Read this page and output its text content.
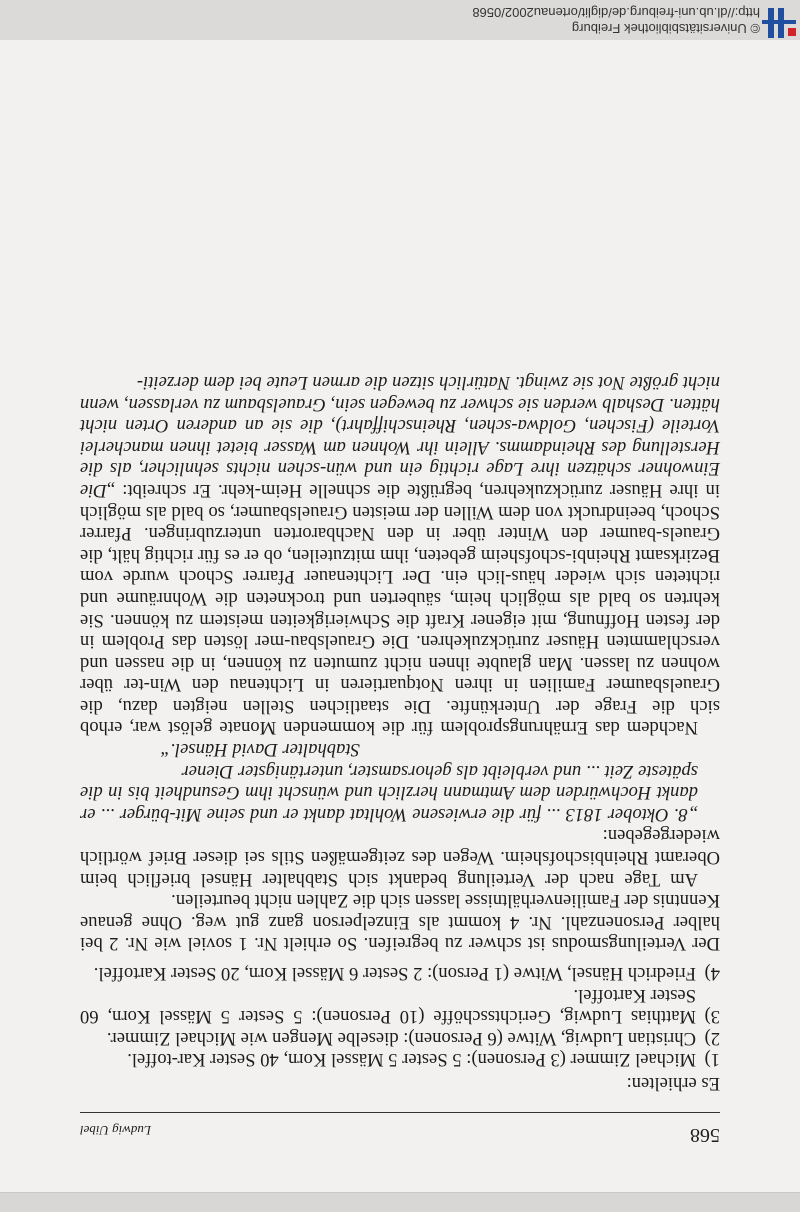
568
Ludwig Uibel

Es erhielten:

1)
Michael Zimmer (3 Personen): 5 Sester 5 Mässel Korn, 40 Sester Kar-toffel.
2)
Christian Ludwig, Witwe (6 Personen): dieselbe Mengen wie Michael Zimmer.
3)
Matthias Ludwig, Gerichtsschöffe (10 Personen): 5 Sester 5 Mässel Korn, 60 Sester Kartoffel.
4)
Friedrich Hänsel, Witwe (1 Person): 2 Sester 6 Mässel Korn, 20 Sester Kartoffel.

Der Verteilungsmodus ist schwer zu begreifen. So erhielt Nr. 1 soviel wie Nr. 2 bei halber Personenzahl. Nr. 4 kommt als Einzelperson ganz gut weg. Ohne genaue Kenntnis der Familienverhältnisse lassen sich die Zahlen nicht beurteilen.

Am Tage nach der Verteilung bedankt sich Stabhalter Hänsel brieflich beim Oberamt Rheinbischofsheim. Wegen des zeitgemäßen Stils sei dieser Brief wörtlich wiedergegeben:

„8. Oktober 1813 ... für die erwiesene Wohltat dankt er und seine Mit-bürger ... er dankt Hochwürden dem Amtmann herzlich und wünscht ihm Gesundheit bis in die späteste Zeit ... und verbleibt als gehorsamster, untertänigster Diener

Stabhalter David Hänsel.“

Nachdem das Ernährungsproblem für die kommenden Monate gelöst war, erhob sich die Frage der Unterkünfte. Die staatlichen Stellen neigten dazu, die Grauelsbaumer Familien in ihren Notquartieren in Lichtenau den Win-ter über wohnen zu lassen. Man glaubte ihnen nicht zumuten zu können, in die nassen und verschlammten Häuser zurückzukehren. Die Grauelsbau-mer lösten das Problem in der festen Hoffnung, mit eigener Kraft die Schwierigkeiten meistern zu können. Sie kehrten so bald als möglich heim, säuberten und trockneten die Wohnräume und richteten sich wieder häus-lich ein. Der Lichtenauer Pfarrer Schoch wurde vom Bezirksamt Rheinbi-schofsheim gebeten, ihm mitzuteilen, ob er es für richtig hält, die Grauels-baumer den Winter über in den Nachbarorten unterzubringen. Pfarrer Schoch, beeindruckt von dem Willen der meisten Grauelsbaumer, so bald als möglich in ihre Häuser zurückzukehren, begrüßte die schnelle Heim-kehr. Er schreibt: „Die Einwohner schätzen ihre Lage richtig ein und wün-schen nichts sehnlicher, als die Herstellung des Rheindamms. Allein ihr Wohnen am Wasser bietet ihnen mancherlei Vorteile (Fischen, Goldwa-schen, Rheinschiffahrt), die sie an anderen Orten nicht hätten. Deshalb werden sie schwer zu bewegen sein, Grauelsbaum zu verlassen, wenn nicht größte Not sie zwingt. Natürlich sitzen die armen Leute bei dem derzeiti-

© Universitätsbibliothek Freiburg
http://dl.ub.uni-freiburg.de/diglit/ortenau2002/0568
